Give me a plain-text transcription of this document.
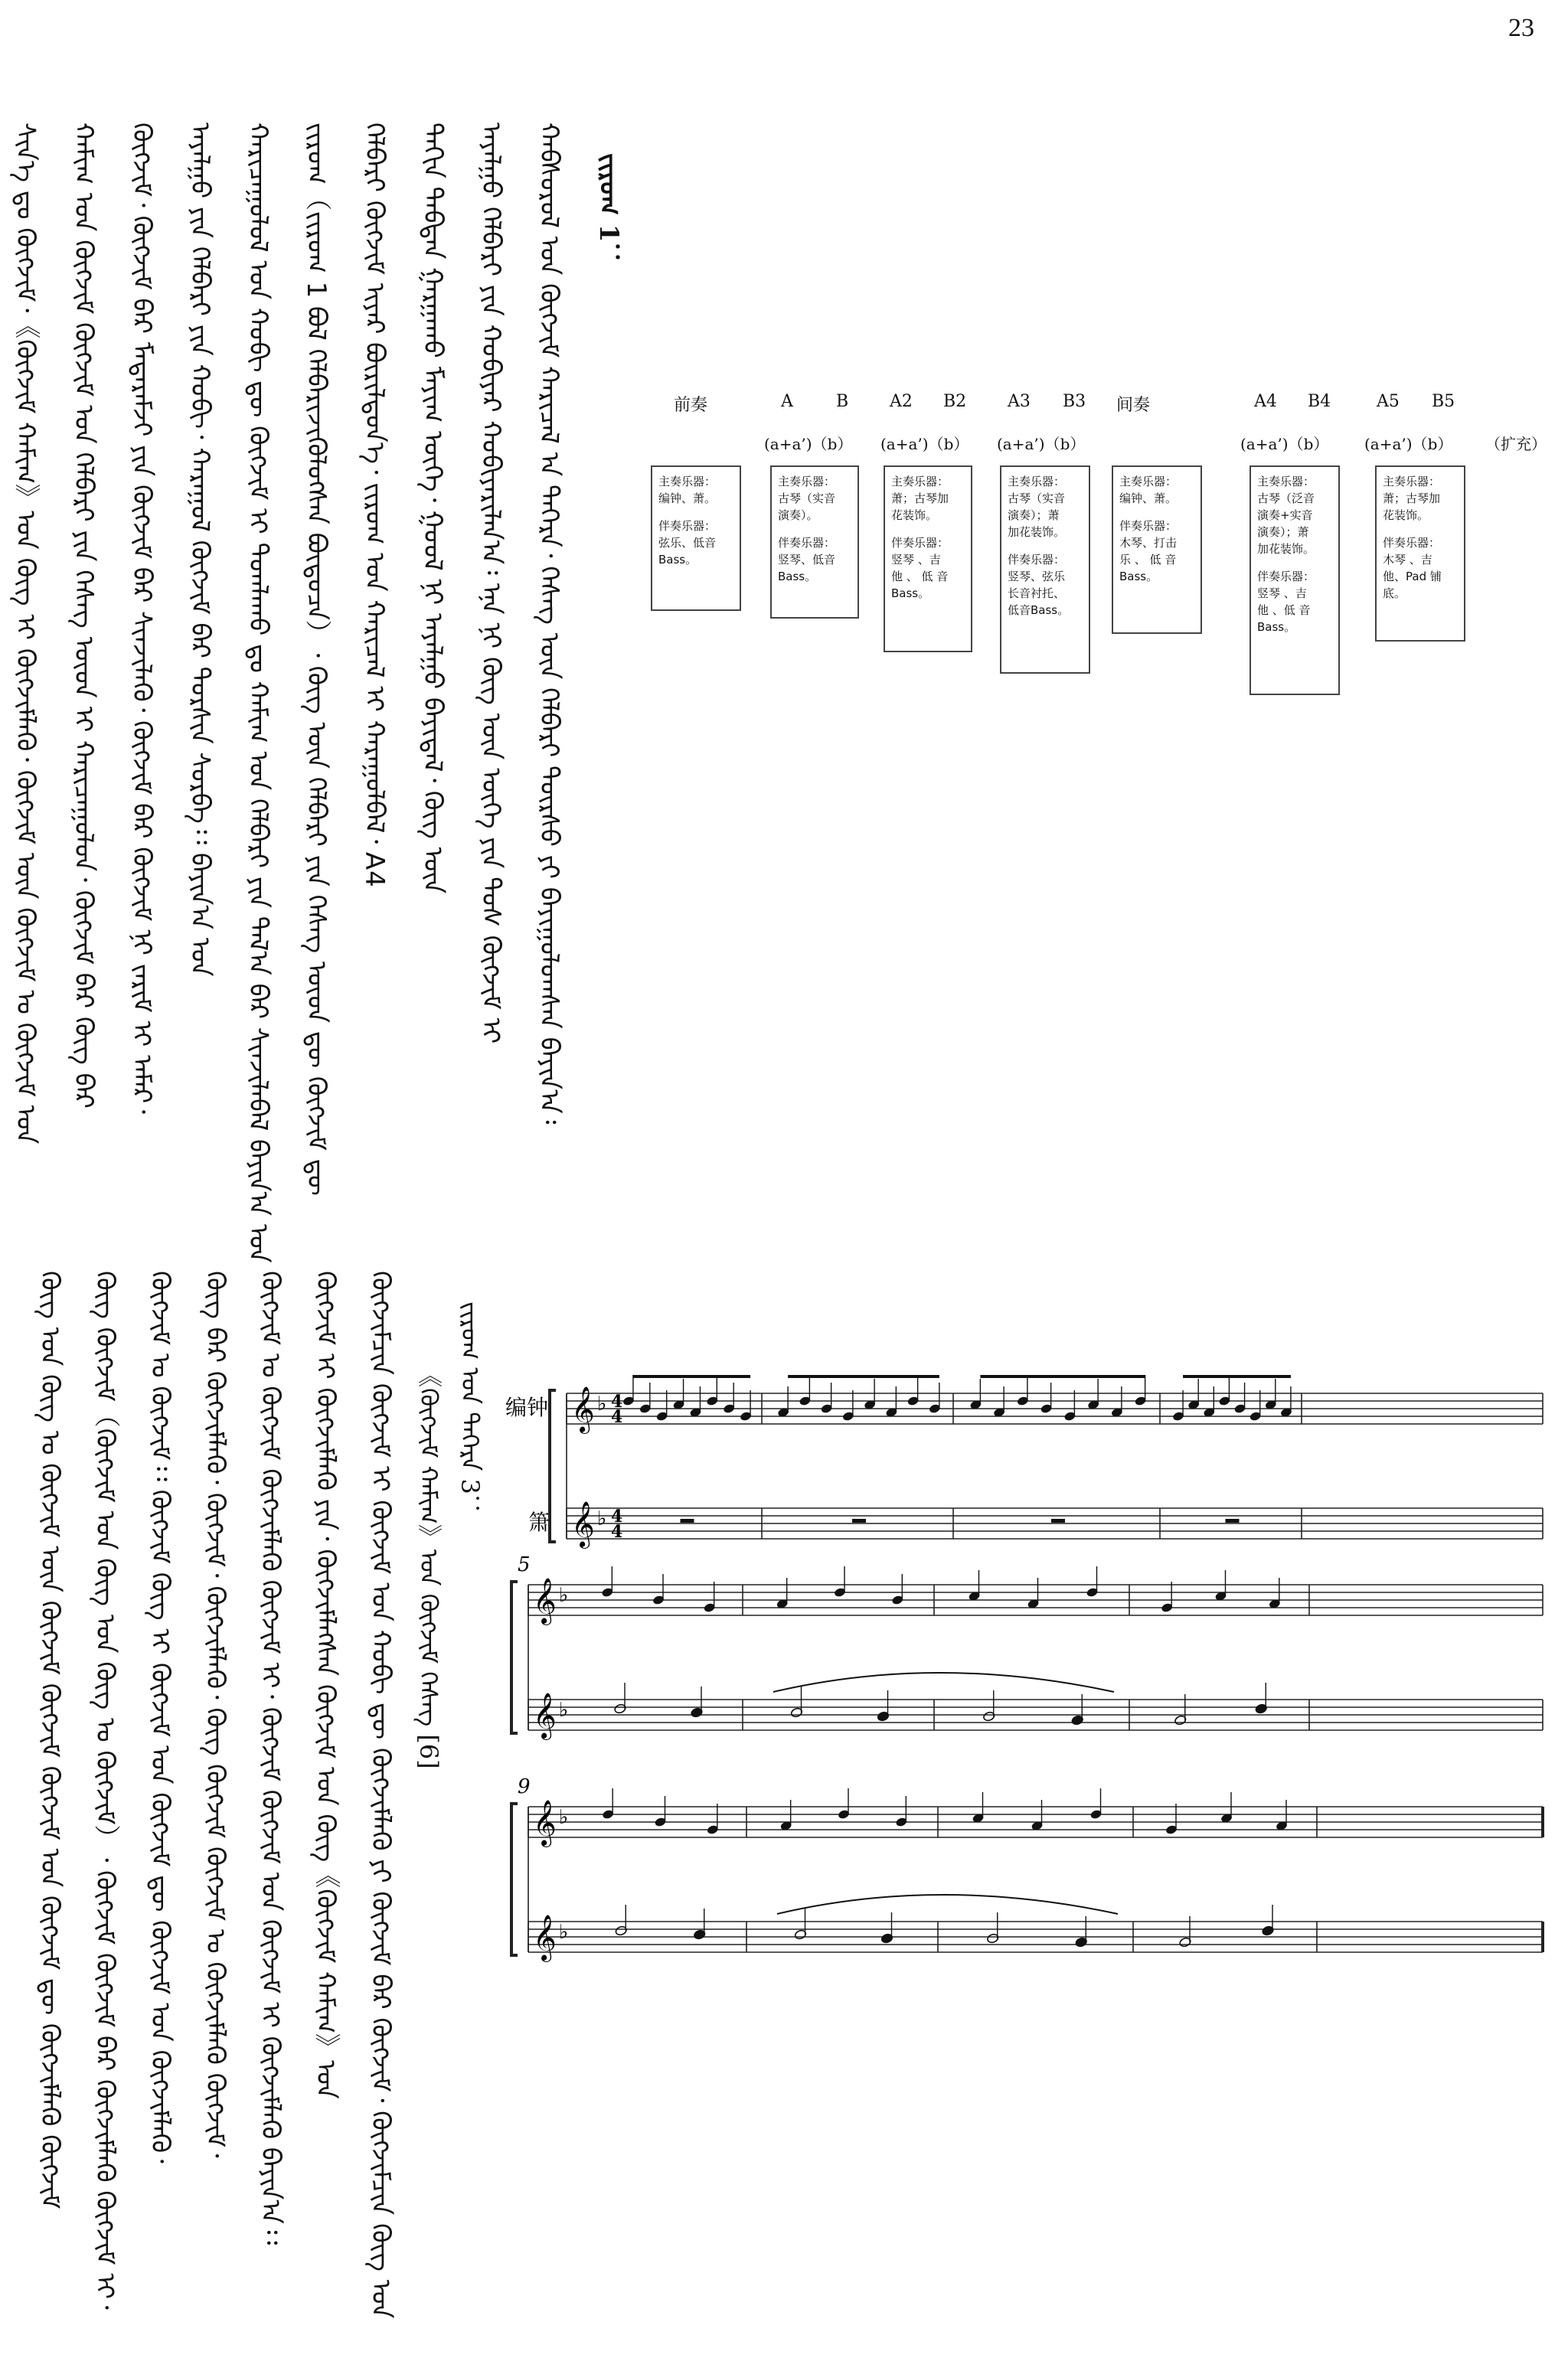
23
ᠵᠢᠷᠤᠭ 1：
ᠬᠠᠪᠰᠤᠷᠤᠯ ᠤᠨ ᠬᠦᠭᠵᠢᠮ ᠬᠠᠷᠢᠴᠠᠯ ᠠ ᠳᠡᠭᠡᠷᠡ᠂ ᠬᠡᠰᠡᠭ ᠦᠨ ᠬᠡᠯᠪᠡᠷᠢ ᠳᠦᠷᠰᠦ ᠶᠢ ᠪᠠᠶᠢᠭᠤᠯᠤᠭᠰᠠᠨ ᠪᠠᠶᠢᠨ᠎ᠠ᠄
ᠠᠶᠠᠯᠭᠤ ᠬᠡᠯᠪᠡᠷᠢ ᠶᠢᠨ ᠬᠤᠪᠢᠶᠠᠷ ᠬᠤᠪᠢᠶᠠᠷᠢᠯᠠᠨ᠎ᠠ᠄ ᠡᠨᠡ ᠨᠢ ᠬᠦᠭ ᠦᠨ ᠦᠭᠡ ᠶᠢᠨ ᠲᠤᠰ ᠬᠦᠭᠵᠢᠮ ᠢ
ᠳᠠᠬᠢᠨ ᠳᠠᠪᠲᠠᠨ ᠭᠠᠷᠭᠠᠬᠤ ᠮᠠᠶᠢᠭ ᠦᠭᠡ᠂ ᠭᠤᠤᠯ ᠨᠢ ᠠᠶᠠᠯᠭᠤ ᠪᠠᠶᠢᠳᠠᠯ᠂ ᠬᠦᠭ ᠦᠨ
ᠬᠡᠯᠪᠡᠷᠢ ᠬᠦᠭᠵᠢᠮ ᠢᠶᠡᠷ ᠪᠦᠷᠢᠯᠳᠦᠨ᠎ᠡ᠂ ᠵᠢᠷᠤᠭ ᠤᠨ ᠬᠠᠷᠢᠴᠠᠯ ᠢ ᠬᠠᠷᠠᠭᠤᠯᠪᠠᠯ᠂ A4
ᠵᠢᠷᠤᠭ（ᠵᠢᠷᠤᠭ 1 ᠪᠤᠯ ᠬᠡᠯᠪᠡᠷᠢᠵᠢᠭᠦᠯᠦᠭᠰᠡᠨ ᠪᠦᠲᠦᠴᠡ）᠂ ᠬᠦᠭ ᠦᠨ ᠬᠡᠯᠪᠡᠷᠢ ᠶᠢᠨ ᠬᠡᠰᠡᠭ ᠦᠳ ᠳᠦ ᠬᠦᠭᠵᠢᠮ ᠳᠦ
ᠬᠠᠷᠢᠴᠠᠭᠤᠯᠤᠯ ᠤᠨ ᠬᠤᠪᠢ ᠳᠦ ᠬᠦᠭᠵᠢᠮ ᠢ ᠲᠤᠭᠯᠠᠬᠤ ᠳᠤ ᠬᠠᠮᠢᠭ ᠤᠨ ᠬᠡᠯᠪᠡᠷᠢ ᠶᠢᠨ ᠲᠠᠯ᠎ᠠ ᠪᠠᠷ ᠰᠢᠨᠵᠢᠯᠡᠪᠡᠯ ᠪᠠᠶᠢᠨ᠎ᠠ ᠤᠨ
ᠠᠶᠠᠯᠭᠤ ᠶᠢᠨ ᠬᠡᠯᠪᠡᠷᠢ ᠶᠢᠨ ᠬᠤᠪᠢ᠂ ᠬᠠᠷᠠᠭᠤᠯ ᠬᠦᠭᠵᠢᠮ ᠪᠡᠷ ᠲᠤᠷᠰᠢᠨ ᠰᠤᠷᠪᠠ᠄᠄ ᠪᠠᠶᠢᠨ᠎ᠠ ᠤᠨ
ᠬᠦᠭᠵᠢᠮ᠂ ᠬᠦᠭᠵᠢᠮ ᠪᠠᠷ ᠮᠡᠳᠡᠷᠡᠮᠵᠢ ᠶᠢᠨ ᠬᠦᠭᠵᠢᠮ ᠪᠠᠷ ᠰᠢᠨᠵᠢᠯᠡᠬᠦ᠂ ᠬᠦᠭᠵᠢᠮ ᠪᠠᠷ ᠬᠦᠭᠵᠢᠮ ᠨᠢ ᠵᠠᠷᠢᠮ ᠢ ᠠᠮᠠᠷ᠂
ᠬᠠᠮᠢᠭ ᠤᠨ ᠬᠦᠭᠵᠢᠮ ᠬᠦᠭᠵᠢᠮ ᠤᠨ ᠬᠡᠯᠪᠡᠷᠢ ᠶᠢᠨ ᠬᠡᠰᠡᠭ ᠦᠳ ᠢ ᠬᠠᠷᠢᠴᠠᠭᠤᠯᠤᠨ᠂ ᠬᠦᠭᠵᠢᠮ ᠪᠠᠷ ᠬᠦᠭ ᠪᠠᠷ
ᠰᠢᠨ᠎ᠡ ᠳᠤ ᠬᠦᠭᠵᠢᠮ᠂《ᠬᠦᠭᠵᠢᠮ ᠬᠠᠮᠢᠭ》ᠤᠨ ᠬᠦᠭ ᠢ ᠬᠦᠭᠵᠢᠮᠯᠡᠬᠦ᠂ ᠬᠦᠭᠵᠢᠮ ᠦᠨ ᠬᠦᠭᠵᠢᠮ ᠤ ᠬᠦᠭᠵᠢᠮ ᠤᠨ	前奏
主奏乐器：
编钟、萧。
伴奏乐器：
弦乐、低音
Bass。
A	B
(a+a’)（b）
主奏乐器：
古琴（实音
演奏）。
伴奏乐器：
竖琴、低音
Bass。
A2 B2
(a+a’)（b）
主奏乐器：
萧；古琴加
花装饰。
伴奏乐器：
竖琴 、吉
他 、 低 音
Bass。
A3 B3
(a+a’)（b）
主奏乐器：
古琴（实音
演奏）；萧
加花装饰。
伴奏乐器：
竖琴、弦乐
长音衬托、
低音Bass。
间奏
主奏乐器：
编钟、萧。
伴奏乐器：
木琴、打击
乐 、 低 音
Bass。
A4 B4
(a+a’)（b）
主奏乐器：
古琴（泛音
演奏+实音
演奏）；萧
加花装饰。
伴奏乐器：
竖琴 、吉
他 、低 音
Bass。
A5 B5
(a+a’)（b）
主奏乐器：
萧；古琴加
花装饰。
伴奏乐器：
木琴 、吉
他、Pad 铺
底。
（扩充）
ᠵᠢᠷᠤᠭ ᠤᠨ ᠳᠡᠭᠡᠷᠡ 3：
《ᠬᠦᠭᠵᠢᠮ ᠬᠠᠮᠢᠭ》ᠤᠨ ᠬᠦᠭᠵᠢᠮ ᠬᠡᠰᠡᠭ [6]
ᠬᠦᠭᠵᠢᠮᠴᠢᠨ ᠬᠦᠭᠵᠢᠮ ᠢ ᠬᠦᠭᠵᠢᠮ ᠤᠨ ᠬᠤᠪᠢ ᠳᠦ ᠬᠦᠭᠵᠢᠮᠯᠡᠬᠦ ᠶᠢ ᠬᠦᠭᠵᠢᠮ ᠪᠠᠷ ᠬᠦᠭᠵᠢᠮ᠂ ᠬᠦᠭᠵᠢᠮᠴᠢᠨ ᠬᠦᠭ ᠤᠨ
ᠬᠦᠭᠵᠢᠮ ᠢ ᠬᠦᠭᠵᠢᠮᠯᠡᠬᠦ ᠶᠢᠨ᠂ ᠬᠦᠭᠵᠢᠮᠯᠡᠭᠰᠡᠨ ᠬᠦᠭᠵᠢᠮ ᠤᠨ ᠬᠦᠭ《ᠬᠦᠭᠵᠢᠮ ᠬᠠᠮᠢᠭ》ᠤᠨ
ᠬᠦᠭᠵᠢᠮ ᠤ ᠬᠦᠭᠵᠢᠮ ᠬᠦᠭᠵᠢᠮᠯᠡᠬᠦ ᠬᠦᠭᠵᠢᠮ ᠢ᠂ ᠬᠦᠭᠵᠢᠮ ᠬᠦᠭᠵᠢᠮ ᠤᠨ ᠬᠦᠭᠵᠢᠮ ᠢ ᠬᠦᠭᠵᠢᠮᠯᠡᠬᠦ ᠪᠠᠶᠢᠨ᠎ᠠ᠄᠄
ᠬᠦᠭ ᠪᠠᠷ ᠬᠦᠭᠵᠢᠮᠯᠡᠬᠦ᠂ ᠬᠦᠭᠵᠢᠮ᠂ ᠬᠦᠭᠵᠢᠮᠯᠡᠬᠦ᠂ ᠬᠦᠭ ᠬᠦᠭᠵᠢᠮ ᠬᠦᠭᠵᠢᠮ ᠤ ᠬᠦᠭᠵᠢᠮᠯᠡᠬᠦ ᠬᠦᠭᠵᠢᠮ᠂
ᠬᠦᠭᠵᠢᠮ ᠤ ᠬᠦᠭᠵᠢᠮ᠄᠄ ᠬᠦᠭᠵᠢᠮ ᠬᠦᠭ ᠢ ᠬᠦᠭᠵᠢᠮ ᠤᠨ ᠬᠦᠭᠵᠢᠮ ᠳᠦ ᠬᠦᠭᠵᠢᠮ ᠤᠨ ᠬᠦᠭᠵᠢᠮᠯᠡᠬᠦ᠂
ᠬᠦᠭ ᠬᠦᠭᠵᠢᠮ（ᠬᠦᠭᠵᠢᠮ ᠤᠨ ᠬᠦᠭ ᠤᠨ ᠬᠦᠭ ᠤ ᠬᠦᠭᠵᠢᠮ）᠂ ᠬᠦᠭᠵᠢᠮ ᠬᠦᠭᠵᠢᠮ ᠪᠠᠷ ᠬᠦᠭᠵᠢᠮᠯᠡᠬᠦ ᠬᠦᠭᠵᠢᠮ ᠢ᠂
ᠬᠦᠭ ᠤᠨ ᠬᠦᠭ ᠤ ᠬᠦᠭᠵᠢᠮ ᠦᠨ ᠬᠦᠭᠵᠢᠮ ᠬᠦᠭᠵᠢᠮ ᠬᠦᠭᠵᠢᠮ ᠤᠨ ᠬᠦᠭᠵᠢᠮ ᠳᠦ ᠬᠦᠭᠵᠢᠮᠯᠡᠬᠦ ᠬᠦᠭᠵᠢᠮ	𝄞 ♭
𝄞 ♭
𝄞 ♭
𝄞 ♭
𝄞 ♭
𝄞 ♭
4
4
4
4
编钟
箫
5
9
